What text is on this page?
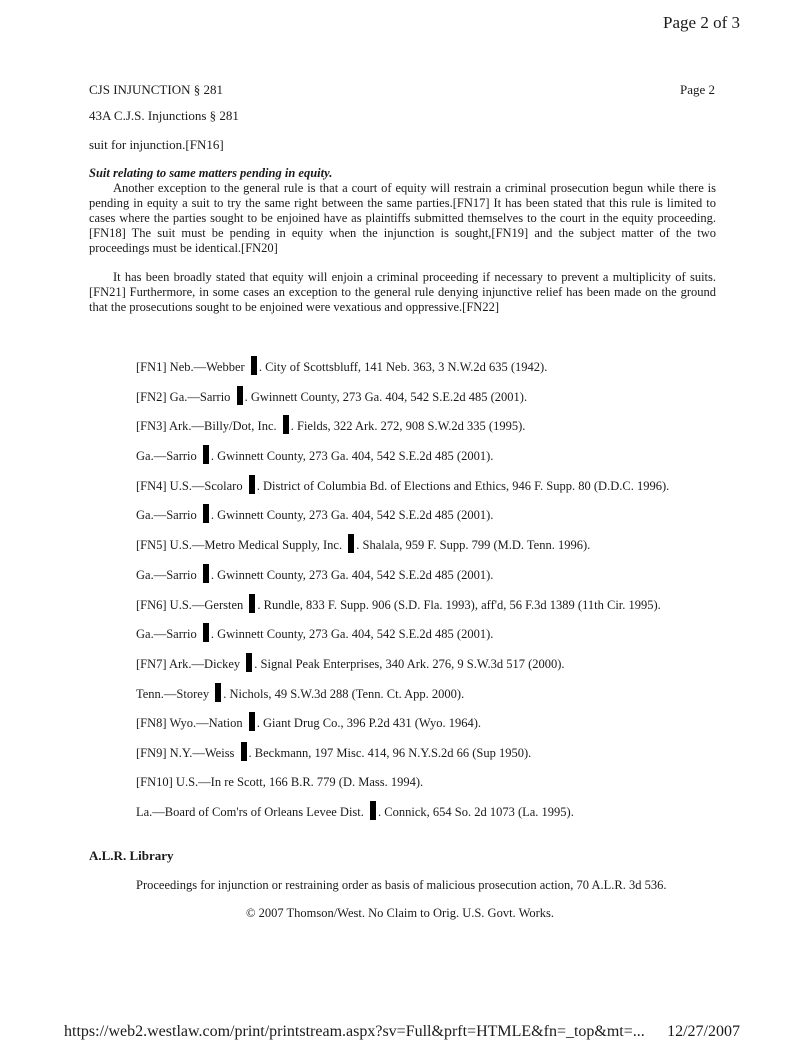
Page 2 of 3
CJS INJUNCTION § 281	Page 2
43A C.J.S. Injunctions § 281
suit for injunction.[FN16]
Suit relating to same matters pending in equity.
Another exception to the general rule is that a court of equity will restrain a criminal prosecution begun while there is pending in equity a suit to try the same right between the same parties.[FN17] It has been stated that this rule is limited to cases where the parties sought to be enjoined have as plaintiffs submitted themselves to the court in the equity proceeding.[FN18] The suit must be pending in equity when the injunction is sought,[FN19] and the subject matter of the two proceedings must be identical.[FN20]
It has been broadly stated that equity will enjoin a criminal proceeding if necessary to prevent a multiplicity of suits.[FN21] Furthermore, in some cases an exception to the general rule denying injunctive relief has been made on the ground that the prosecutions sought to be enjoined were vexatious and oppressive.[FN22]
[FN1] Neb.—Webber . City of Scottsbluff, 141 Neb. 363, 3 N.W.2d 635 (1942).
[FN2] Ga.—Sarrio . Gwinnett County, 273 Ga. 404, 542 S.E.2d 485 (2001).
[FN3] Ark.—Billy/Dot, Inc. . Fields, 322 Ark. 272, 908 S.W.2d 335 (1995).
Ga.—Sarrio . Gwinnett County, 273 Ga. 404, 542 S.E.2d 485 (2001).
[FN4] U.S.—Scolaro . District of Columbia Bd. of Elections and Ethics, 946 F. Supp. 80 (D.D.C. 1996).
Ga.—Sarrio . Gwinnett County, 273 Ga. 404, 542 S.E.2d 485 (2001).
[FN5] U.S.—Metro Medical Supply, Inc. . Shalala, 959 F. Supp. 799 (M.D. Tenn. 1996).
Ga.—Sarrio . Gwinnett County, 273 Ga. 404, 542 S.E.2d 485 (2001).
[FN6] U.S.—Gersten . Rundle, 833 F. Supp. 906 (S.D. Fla. 1993), aff'd, 56 F.3d 1389 (11th Cir. 1995).
Ga.—Sarrio . Gwinnett County, 273 Ga. 404, 542 S.E.2d 485 (2001).
[FN7] Ark.—Dickey . Signal Peak Enterprises, 340 Ark. 276, 9 S.W.3d 517 (2000).
Tenn.—Storey . Nichols, 49 S.W.3d 288 (Tenn. Ct. App. 2000).
[FN8] Wyo.—Nation . Giant Drug Co., 396 P.2d 431 (Wyo. 1964).
[FN9] N.Y.—Weiss . Beckmann, 197 Misc. 414, 96 N.Y.S.2d 66 (Sup 1950).
[FN10] U.S.—In re Scott, 166 B.R. 779 (D. Mass. 1994).
La.—Board of Com'rs of Orleans Levee Dist. . Connick, 654 So. 2d 1073 (La. 1995).
A.L.R. Library
Proceedings for injunction or restraining order as basis of malicious prosecution action, 70 A.L.R. 3d 536.
© 2007 Thomson/West. No Claim to Orig. U.S. Govt. Works.
https://web2.westlaw.com/print/printstream.aspx?sv=Full&prft=HTMLE&fn=_top&mt=... 12/27/2007
